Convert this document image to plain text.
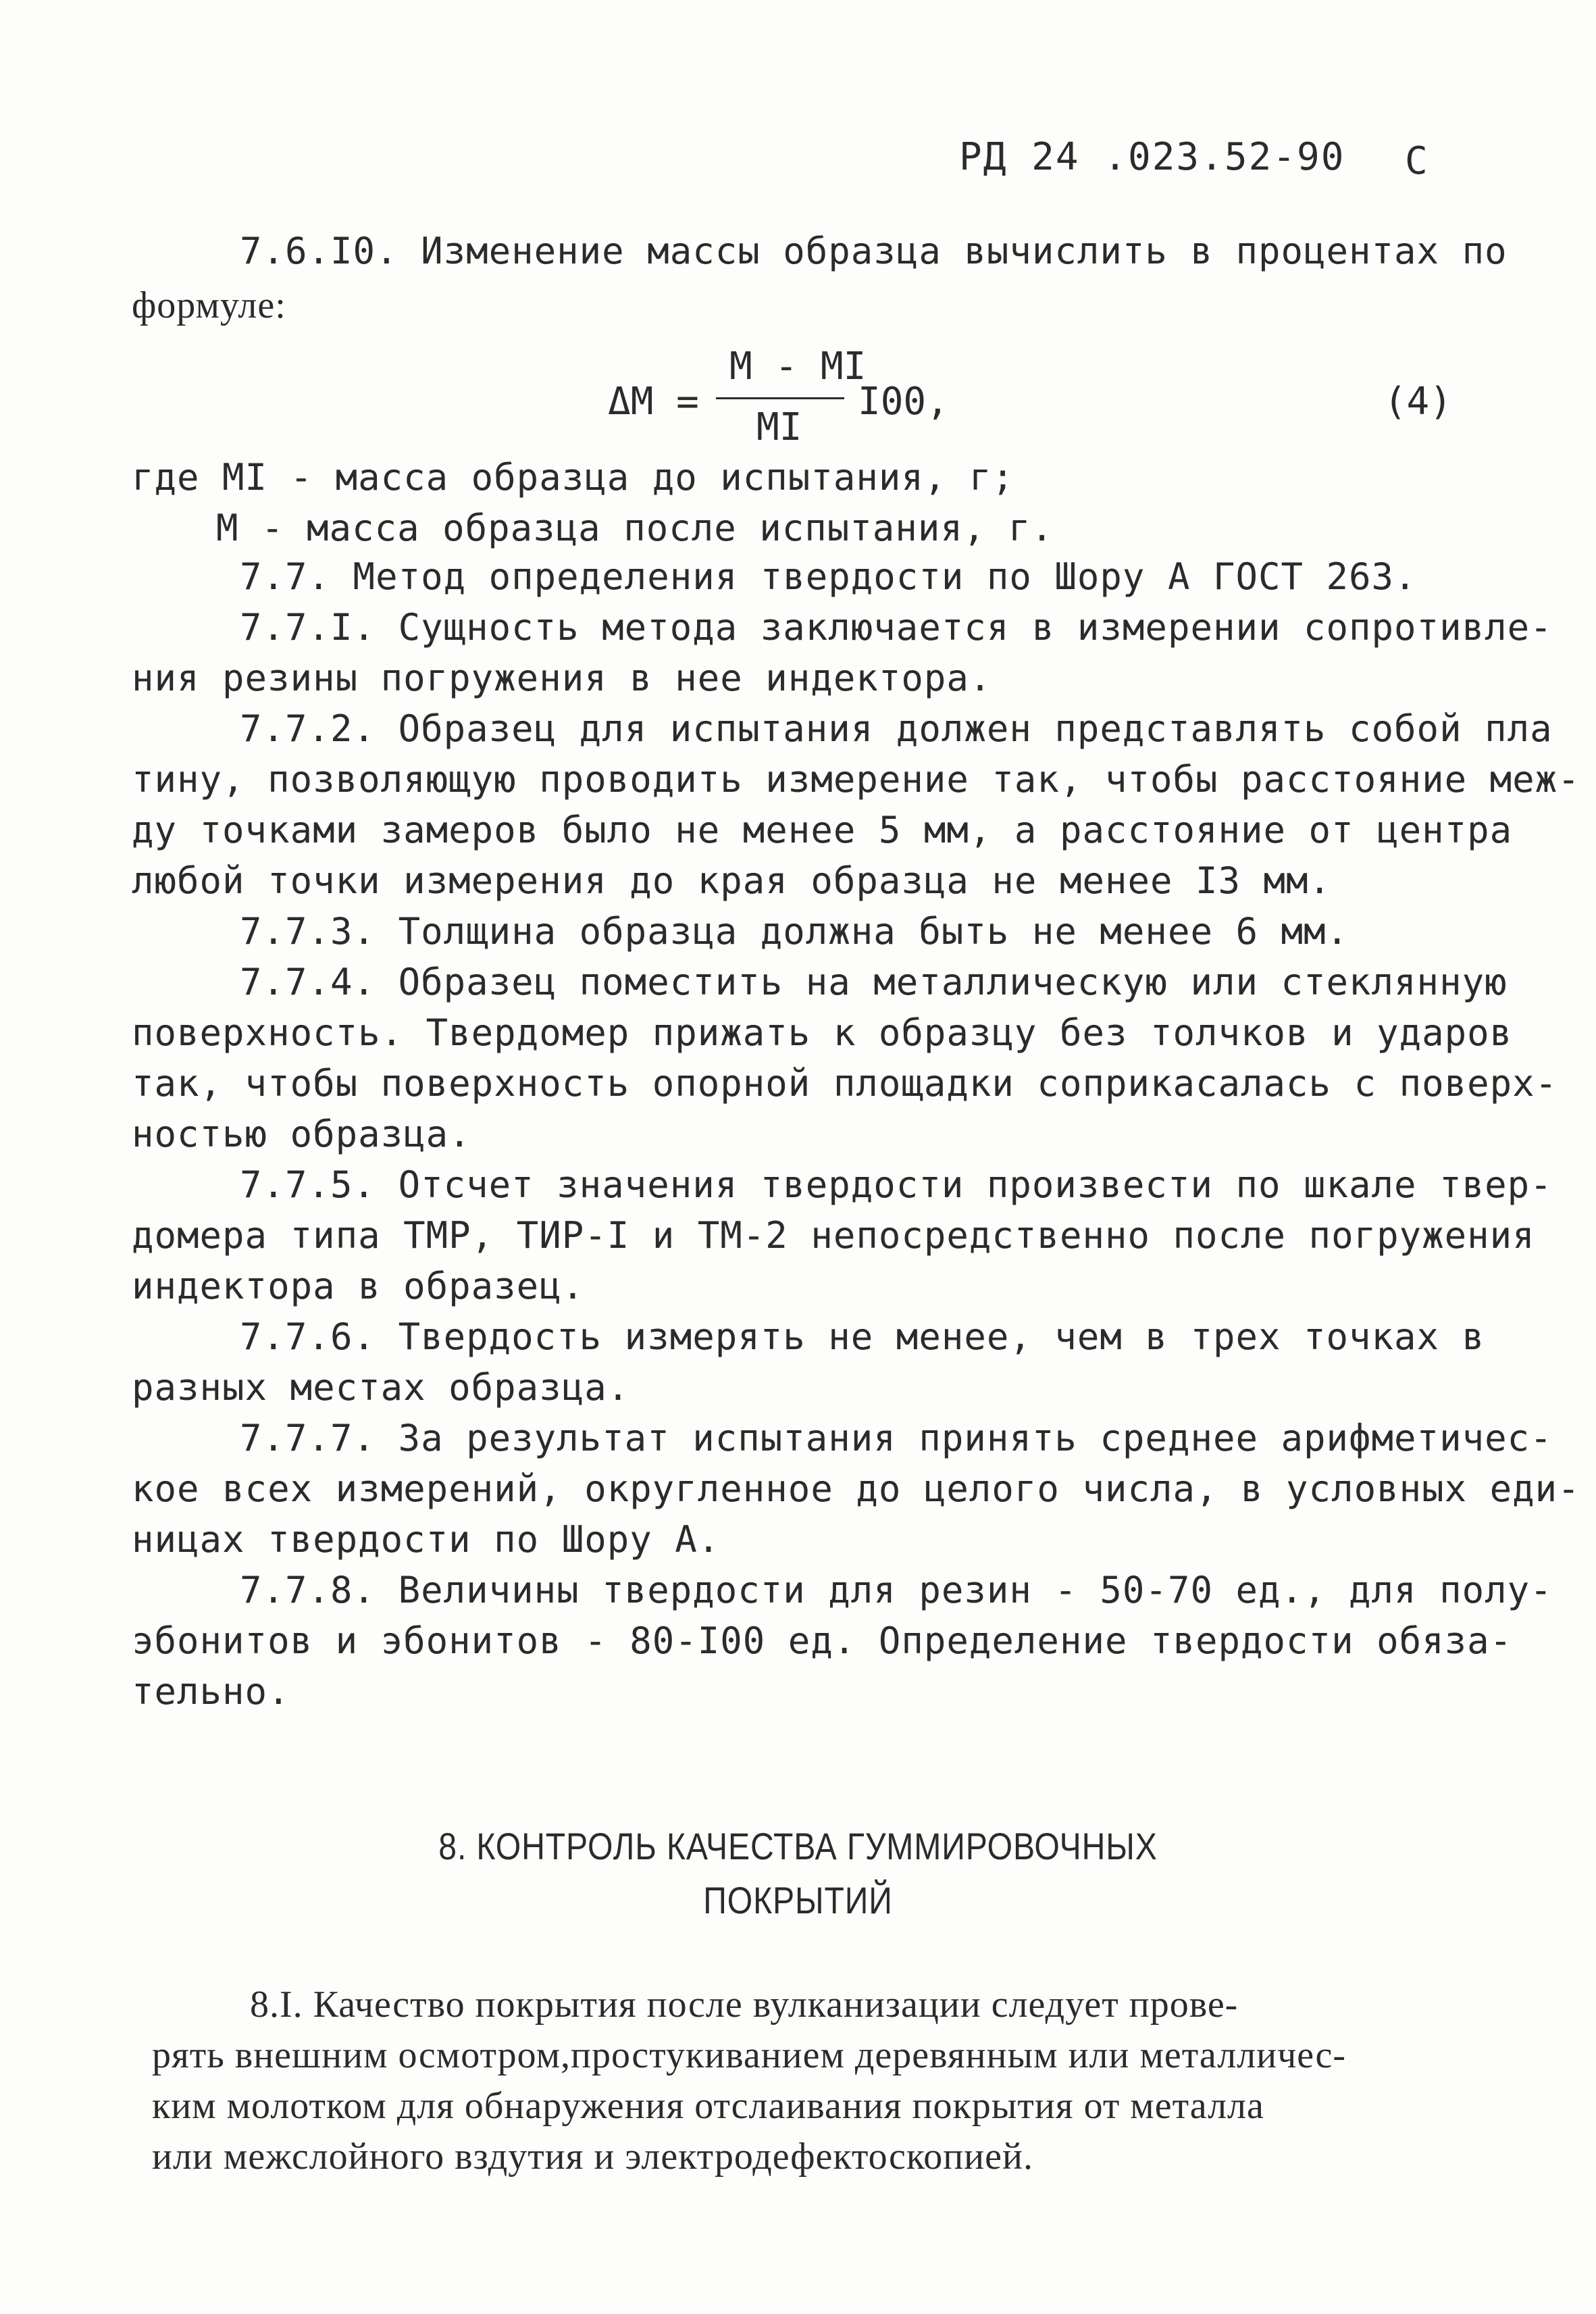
РД 24 .023.52-90 С
7.6.I0. Изменение массы образца вычислить в процентах по
формуле:
ΔМ =
М - МI
МI
I00,	(4)
где МI - масса образца до испытания, г;
М - масса образца после испытания, г.
7.7. Метод определения твердости по Шору А ГОСТ 263.
7.7.I. Сущность метода заключается в измерении сопротивле-
ния резины погружения в нее индектора.
7.7.2. Образец для испытания должен представлять собой пла
тину, позволяющую проводить измерение так, чтобы расстояние меж-
ду точками замеров было не менее 5 мм, а расстояние от центра
любой точки измерения до края образца не менее I3 мм.
7.7.3. Толщина образца должна быть не менее 6 мм.
7.7.4. Образец поместить на металлическую или стеклянную
поверхность. Твердомер прижать к образцу без толчков и ударов
так, чтобы поверхность опорной площадки соприкасалась с поверх-
ностью образца.
7.7.5. Отсчет значения твердости произвести по шкале твер-
домера типа ТМР, ТИР-I и ТМ-2 непосредственно после погружения
индектора в образец.
7.7.6. Твердость измерять не менее, чем в трех точках в
разных местах образца.
7.7.7. За результат испытания принять среднее арифметичес-
кое всех измерений, округленное до целого числа, в условных еди-
ницах твердости по Шору А.
7.7.8. Величины твердости для резин - 50-70 ед., для полу-
эбонитов и эбонитов - 80-I00 ед. Определение твердости обяза-
тельно.
8. КОНТРОЛЬ КАЧЕСТВА ГУММИРОВОЧНЫХ
ПОКРЫТИЙ
8.I. Качество покрытия после вулканизации следует прове-
рять внешним осмотром,простукиванием деревянным или металличес-
ким молотком для обнаружения отслаивания покрытия от металла
или межслойного вздутия и электродефектоскопией.
